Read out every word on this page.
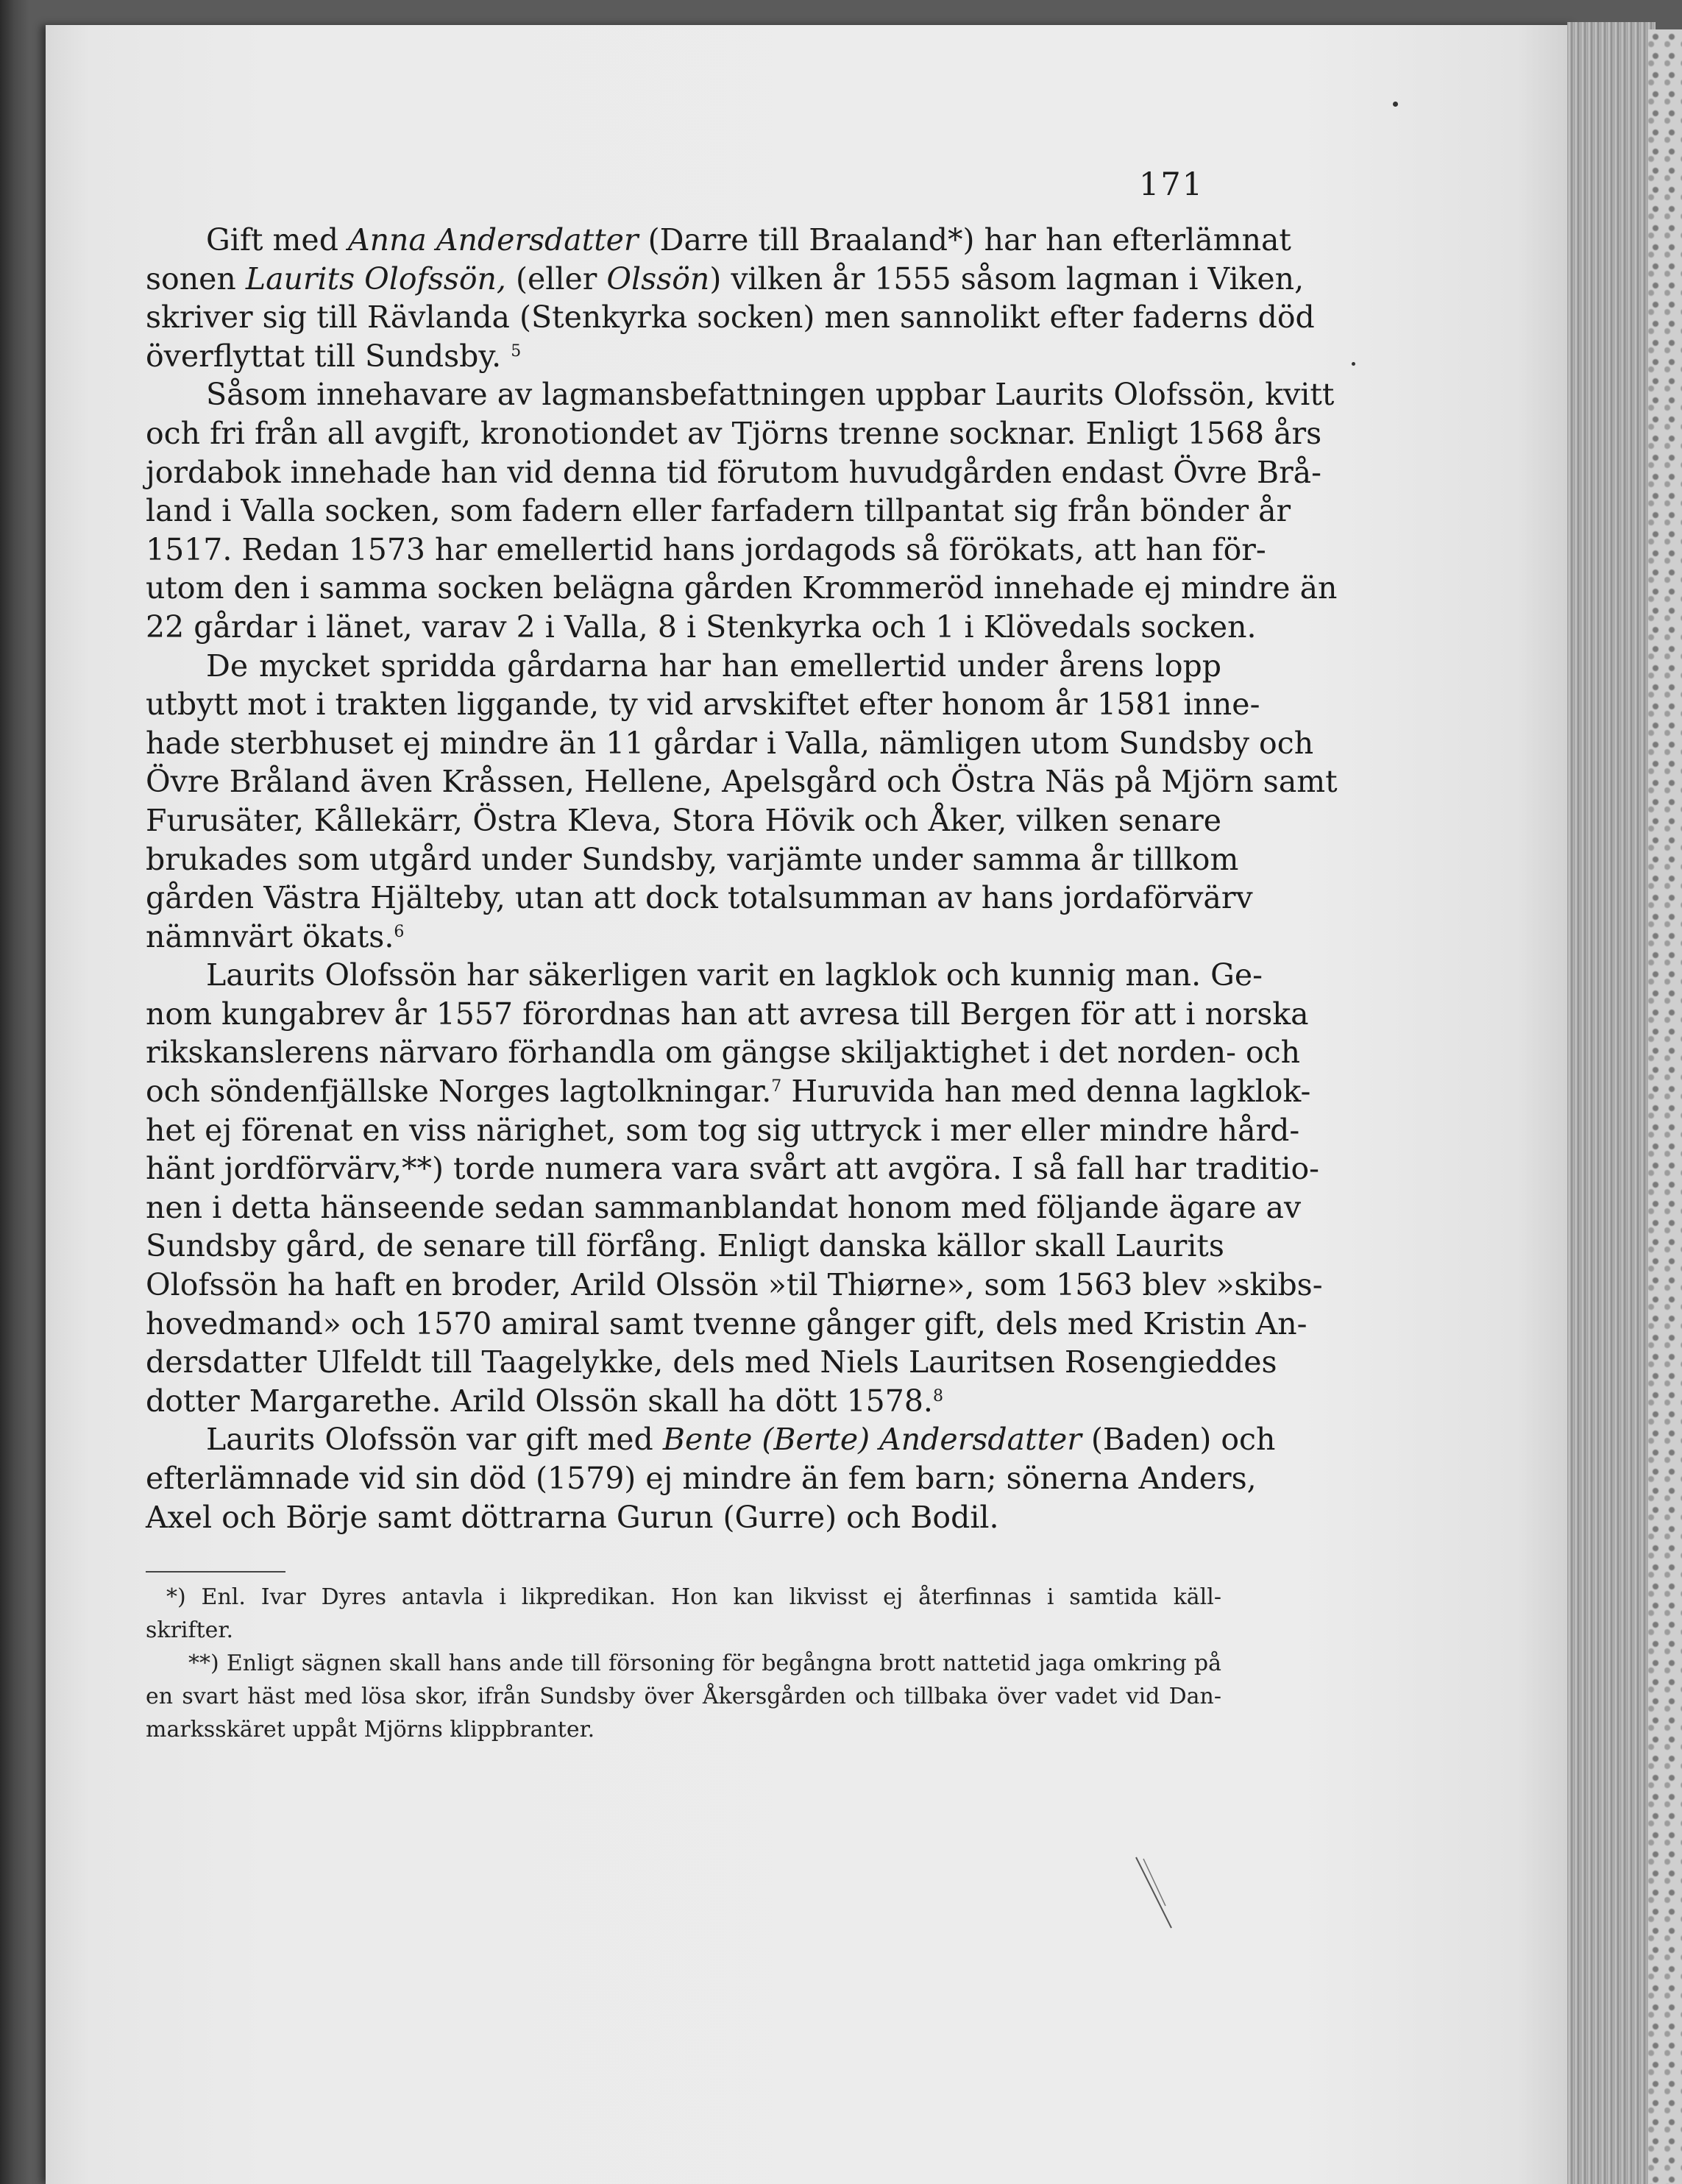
171
Gift med Anna Andersdatter (Darre till Braaland*) har han efterlämnat
sonen Laurits Olofssön, (eller Olssön) vilken år 1555 såsom lagman i Viken,
skriver sig till Rävlanda (Stenkyrka socken) men sannolikt efter faderns död
överflyttat till Sundsby. $^5$
Såsom innehavare av lagmansbefattningen uppbar Laurits Olofssön, kvitt
och fri från all avgift, kronotiondet av Tjörns trenne socknar. Enligt 1568 års
jordabok innehade han vid denna tid förutom huvudgården endast Övre Brå-
land i Valla socken, som fadern eller farfadern tillpantat sig från bönder år
1517. Redan 1573 har emellertid hans jordagods så förökats, att han för-
utom den i samma socken belägna gården Krommeröd innehade ej mindre än
22 gårdar i länet, varav 2 i Valla, 8 i Stenkyrka och 1 i Klövedals socken.
De mycket spridda gårdarna har han emellertid under årens lopp
utbytt mot i trakten liggande, ty vid arvskiftet efter honom år 1581 inne-
hade sterbhuset ej mindre än 11 gårdar i Valla, nämligen utom Sundsby och
Övre Bråland även Kråssen, Hellene, Apelsgård och Östra Näs på Mjörn samt
Furusäter, Kållekärr, Östra Kleva, Stora Hövik och Åker, vilken senare
brukades som utgård under Sundsby, varjämte under samma år tillkom
gården Västra Hjälteby, utan att dock totalsumman av hans jordaförvärv
nämnvärt ökats.$^6$
Laurits Olofssön har säkerligen varit en lagklok och kunnig man. Ge-
nom kungabrev år 1557 förordnas han att avresa till Bergen för att i norska
rikskanslerens närvaro förhandla om gängse skiljaktighet i det norden- och
och söndenfjällske Norges lagtolkningar.$^7$ Huruvida han med denna lagklok-
het ej förenat en viss närighet, som tog sig uttryck i mer eller mindre hård-
hänt jordförvärv,**) torde numera vara svårt att avgöra. I så fall har traditio-
nen i detta hänseende sedan sammanblandat honom med följande ägare av
Sundsby gård, de senare till förfång. Enligt danska källor skall Laurits
Olofssön ha haft en broder, Arild Olssön »til Thiørne», som 1563 blev »skibs-
hovedmand» och 1570 amiral samt tvenne gånger gift, dels med Kristin An-
dersdatter Ulfeldt till Taagelykke, dels med Niels Lauritsen Rosengieddes
dotter Margarethe. Arild Olssön skall ha dött 1578.$^8$
Laurits Olofssön var gift med Bente (Berte) Andersdatter (Baden) och
efterlämnade vid sin död (1579) ej mindre än fem barn; sönerna Anders,
Axel och Börje samt döttrarna Gurun (Gurre) och Bodil.
*) Enl. Ivar Dyres antavla i likpredikan. Hon kan likvisst ej återfinnas i samtida käll-
skrifter.
**) Enligt sägnen skall hans ande till försoning för begångna brott nattetid jaga omkring på
en svart häst med lösa skor, ifrån Sundsby över Åkersgården och tillbaka över vadet vid Dan-
marksskäret uppåt Mjörns klippbranter.
